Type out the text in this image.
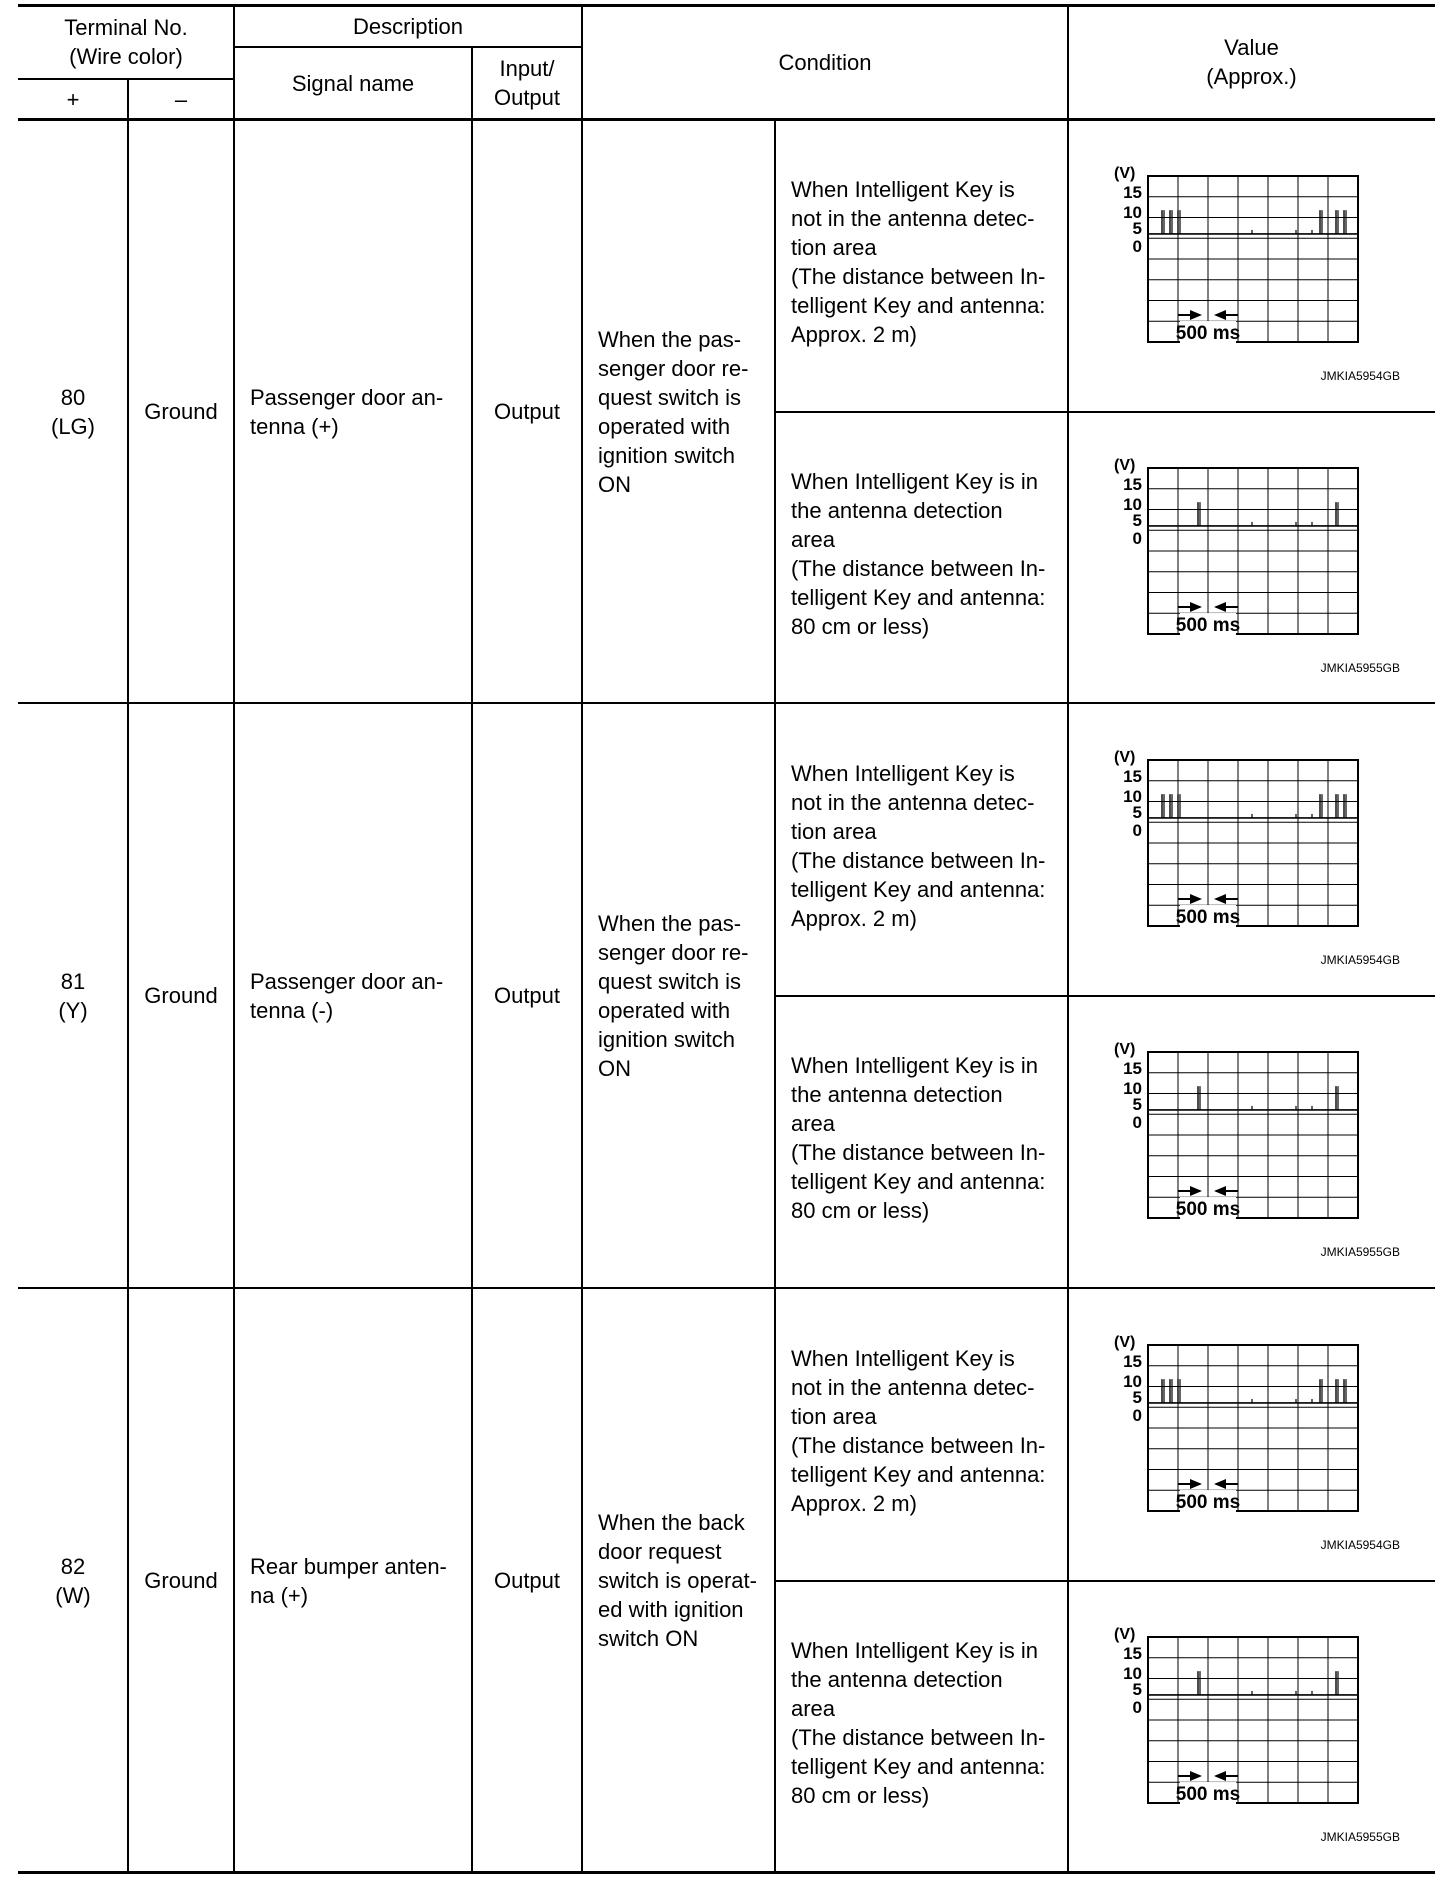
Terminal No.
(Wire color)
+	–
Description
Signal name
Input/
Output
Condition
Value
(Approx.)
80
(LG)
Ground
Passenger door an-
tenna (+)
Output
When the pas-
senger door re-
quest switch is
operated with
ignition switch
ON
When Intelligent Key is
not in the antenna detec-
tion area
(The distance between In-
telligent Key and antenna:
Approx. 2 m)
(V)
15
10
5
0
500 ms
JMKIA5954GB
When Intelligent Key is in
the antenna detection
area
(The distance between In-
telligent Key and antenna:
80 cm or less)
(V)
15
10
5
0
500 ms
JMKIA5955GB
81
(Y)
Ground
Passenger door an-
tenna (-)
Output
When the pas-
senger door re-
quest switch is
operated with
ignition switch
ON
When Intelligent Key is
not in the antenna detec-
tion area
(The distance between In-
telligent Key and antenna:
Approx. 2 m)
(V)
15
10
5
0
500 ms
JMKIA5954GB
When Intelligent Key is in
the antenna detection
area
(The distance between In-
telligent Key and antenna:
80 cm or less)
(V)
15
10
5
0
500 ms
JMKIA5955GB
82
(W)
Ground
Rear bumper anten-
na (+)
Output
When the back
door request
switch is operat-
ed with ignition
switch ON
When Intelligent Key is
not in the antenna detec-
tion area
(The distance between In-
telligent Key and antenna:
Approx. 2 m)
(V)
15
10
5
0
500 ms
JMKIA5954GB
When Intelligent Key is in
the antenna detection
area
(The distance between In-
telligent Key and antenna:
80 cm or less)
(V)
15
10
5
0
500 ms
JMKIA5955GB
